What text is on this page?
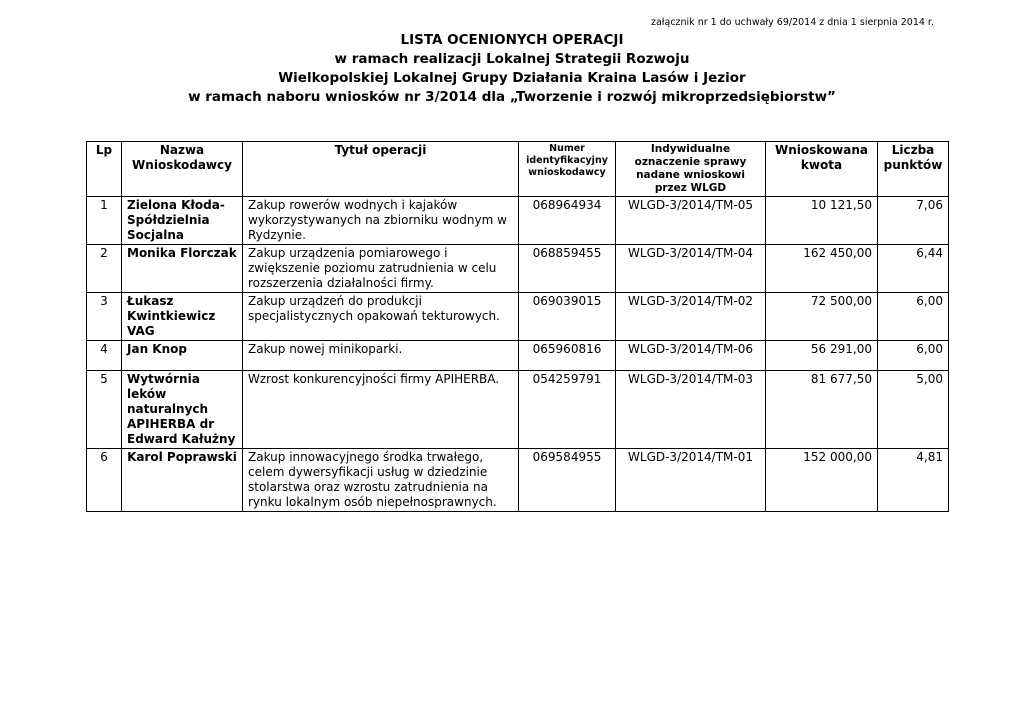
załącznik nr 1 do uchwały 69/2014 z dnia 1 sierpnia 2014 r.
LISTA OCENIONYCH OPERACJI
w ramach realizacji Lokalnej Strategii Rozwoju
Wielkopolskiej Lokalnej Grupy Działania Kraina Lasów i Jezior
w ramach naboru wniosków nr 3/2014 dla „Tworzenie i rozwój mikroprzedsiębiorstw”
Lp	Nazwa Wnioskodawcy	Tytuł operacji	Numer identyfikacyjny wnioskodawcy	Indywidualne oznaczenie sprawy nadane wnioskowi przez WLGD	Wnioskowana kwota	Liczba punktów
1	Zielona Kłoda- Spółdzielnia Socjalna	Zakup rowerów wodnych i kajaków wykorzystywanych na zbiorniku wodnym w Rydzynie.	068964934	WLGD-3/2014/TM-05	10 121,50	7,06
2	Monika Florczak	Zakup urządzenia pomiarowego i zwiększenie poziomu zatrudnienia w celu rozszerzenia działalności firmy.	068859455	WLGD-3/2014/TM-04	162 450,00	6,44
3	Łukasz Kwintkiewicz VAG	Zakup urządzeń do produkcji specjalistycznych opakowań tekturowych.	069039015	WLGD-3/2014/TM-02	72 500,00	6,00
4	Jan Knop	Zakup nowej minikoparki.	065960816	WLGD-3/2014/TM-06	56 291,00	6,00
5	Wytwórnia leków naturalnych APIHERBA dr Edward Kałużny	Wzrost konkurencyjności firmy APIHERBA.	054259791	WLGD-3/2014/TM-03	81 677,50	5,00
6	Karol Poprawski	Zakup innowacyjnego środka trwałego, celem dywersyfikacji usług w dziedzinie stolarstwa oraz wzrostu zatrudnienia na rynku lokalnym osób niepełnosprawnych.	069584955	WLGD-3/2014/TM-01	152 000,00	4,81
